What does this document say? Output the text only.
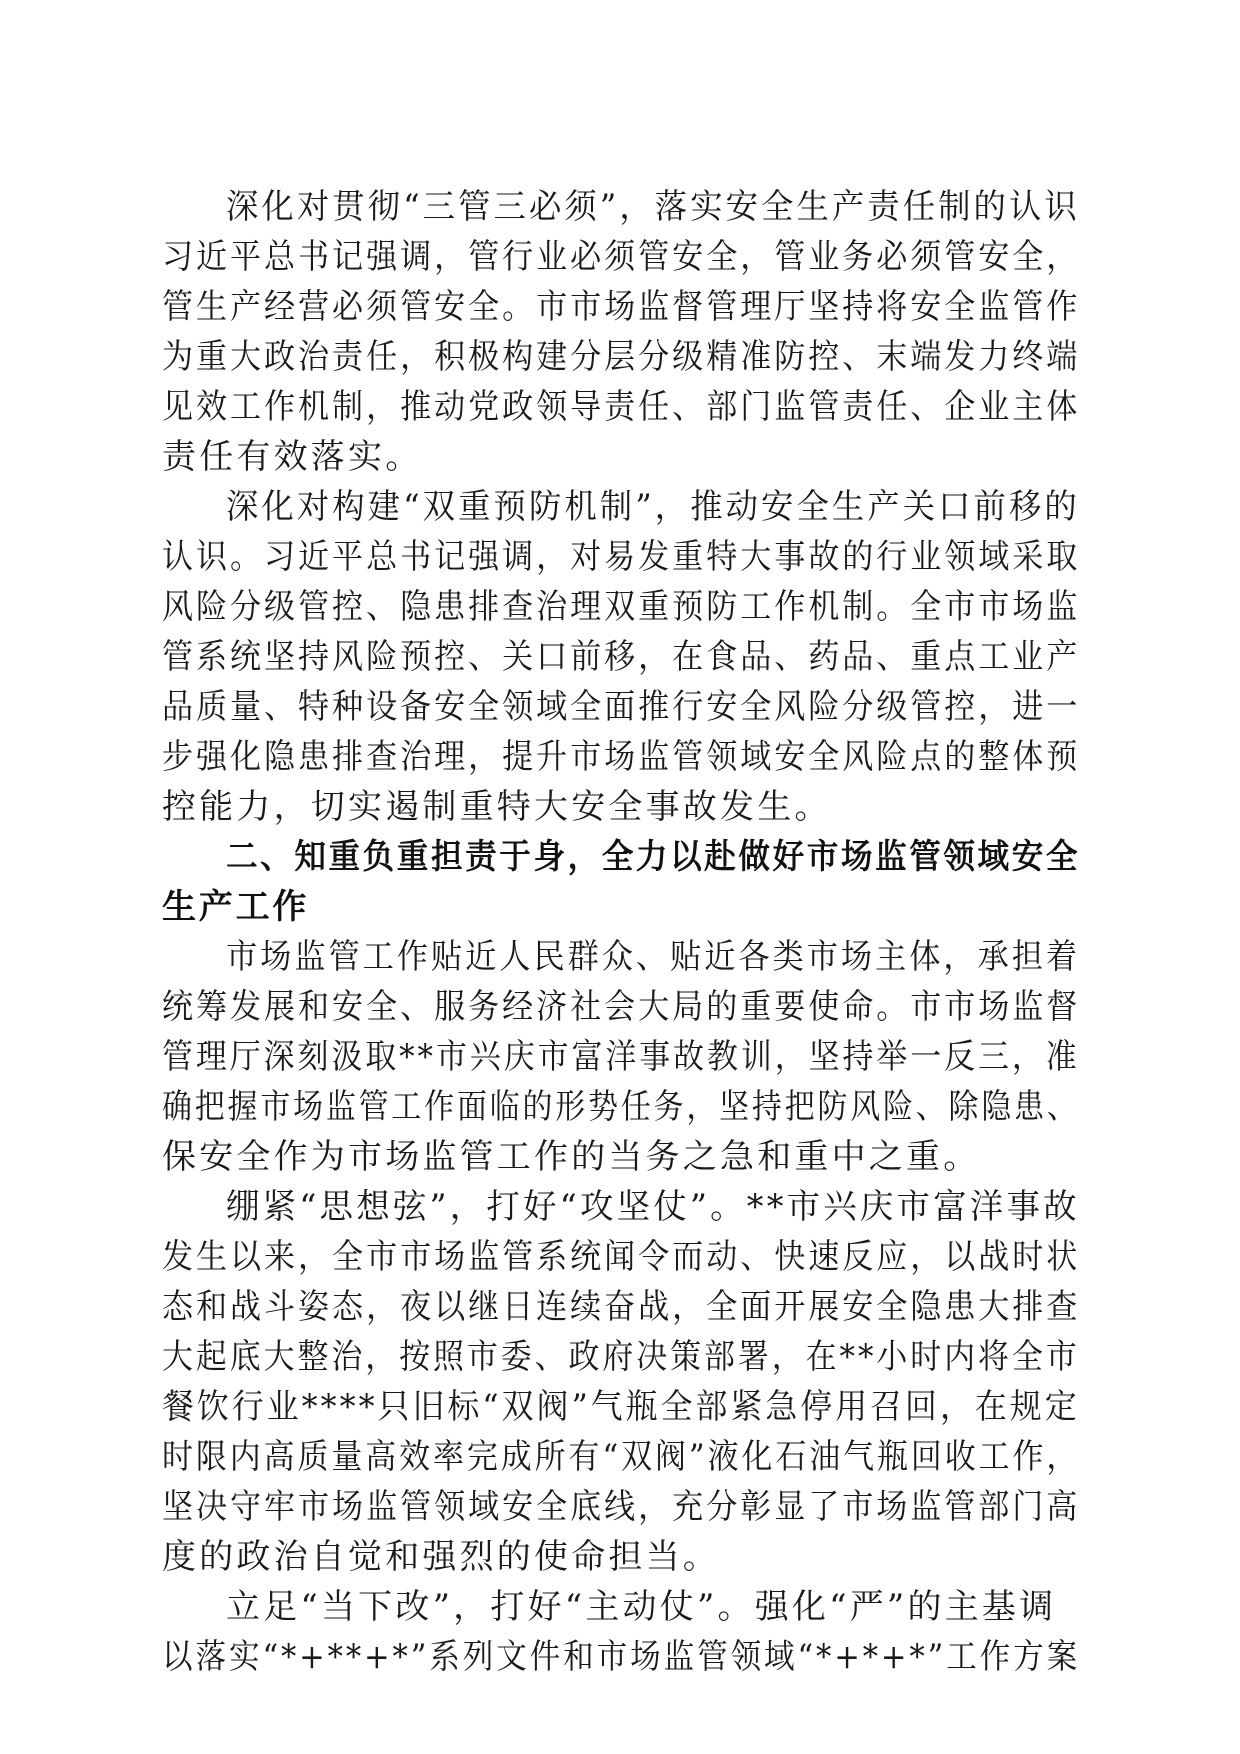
深化对贯彻“三管三必须”，落实安全生产责任制的认识

习近平总书记强调，管行业必须管安全，管业务必须管安全，

管生产经营必须管安全。市市场监督管理厅坚持将安全监管作

为重大政治责任，积极构建分层分级精准防控、末端发力终端

见效工作机制，推动党政领导责任、部门监管责任、企业主体

责任有效落实。

深化对构建“双重预防机制”，推动安全生产关口前移的

认识。习近平总书记强调，对易发重特大事故的行业领域采取

风险分级管控、隐患排查治理双重预防工作机制。全市市场监

管系统坚持风险预控、关口前移，在食品、药品、重点工业产

品质量、特种设备安全领域全面推行安全风险分级管控，进一

步强化隐患排查治理，提升市场监管领域安全风险点的整体预

控能力，切实遏制重特大安全事故发生。

二、知重负重担责于身，全力以赴做好市场监管领域安全

生产工作

市场监管工作贴近人民群众、贴近各类市场主体，承担着

统筹发展和安全、服务经济社会大局的重要使命。市市场监督

管理厅深刻汲取**市兴庆市富洋事故教训，坚持举一反三，准

确把握市场监管工作面临的形势任务，坚持把防风险、除隐患、

保安全作为市场监管工作的当务之急和重中之重。

绷紧“思想弦”，打好“攻坚仗”。**市兴庆市富洋事故

发生以来，全市市场监管系统闻令而动、快速反应，以战时状

态和战斗姿态，夜以继日连续奋战，全面开展安全隐患大排查

大起底大整治，按照市委、政府决策部署，在**小时内将全市

餐饮行业****只旧标“双阀”气瓶全部紧急停用召回，在规定

时限内高质量高效率完成所有“双阀”液化石油气瓶回收工作，

坚决守牢市场监管领域安全底线，充分彰显了市场监管部门高

度的政治自觉和强烈的使命担当。

立足“当下改”，打好“主动仗”。强化“严”的主基调

以落实“*+**+*”系列文件和市场监管领域“*+*+*”工作方案
